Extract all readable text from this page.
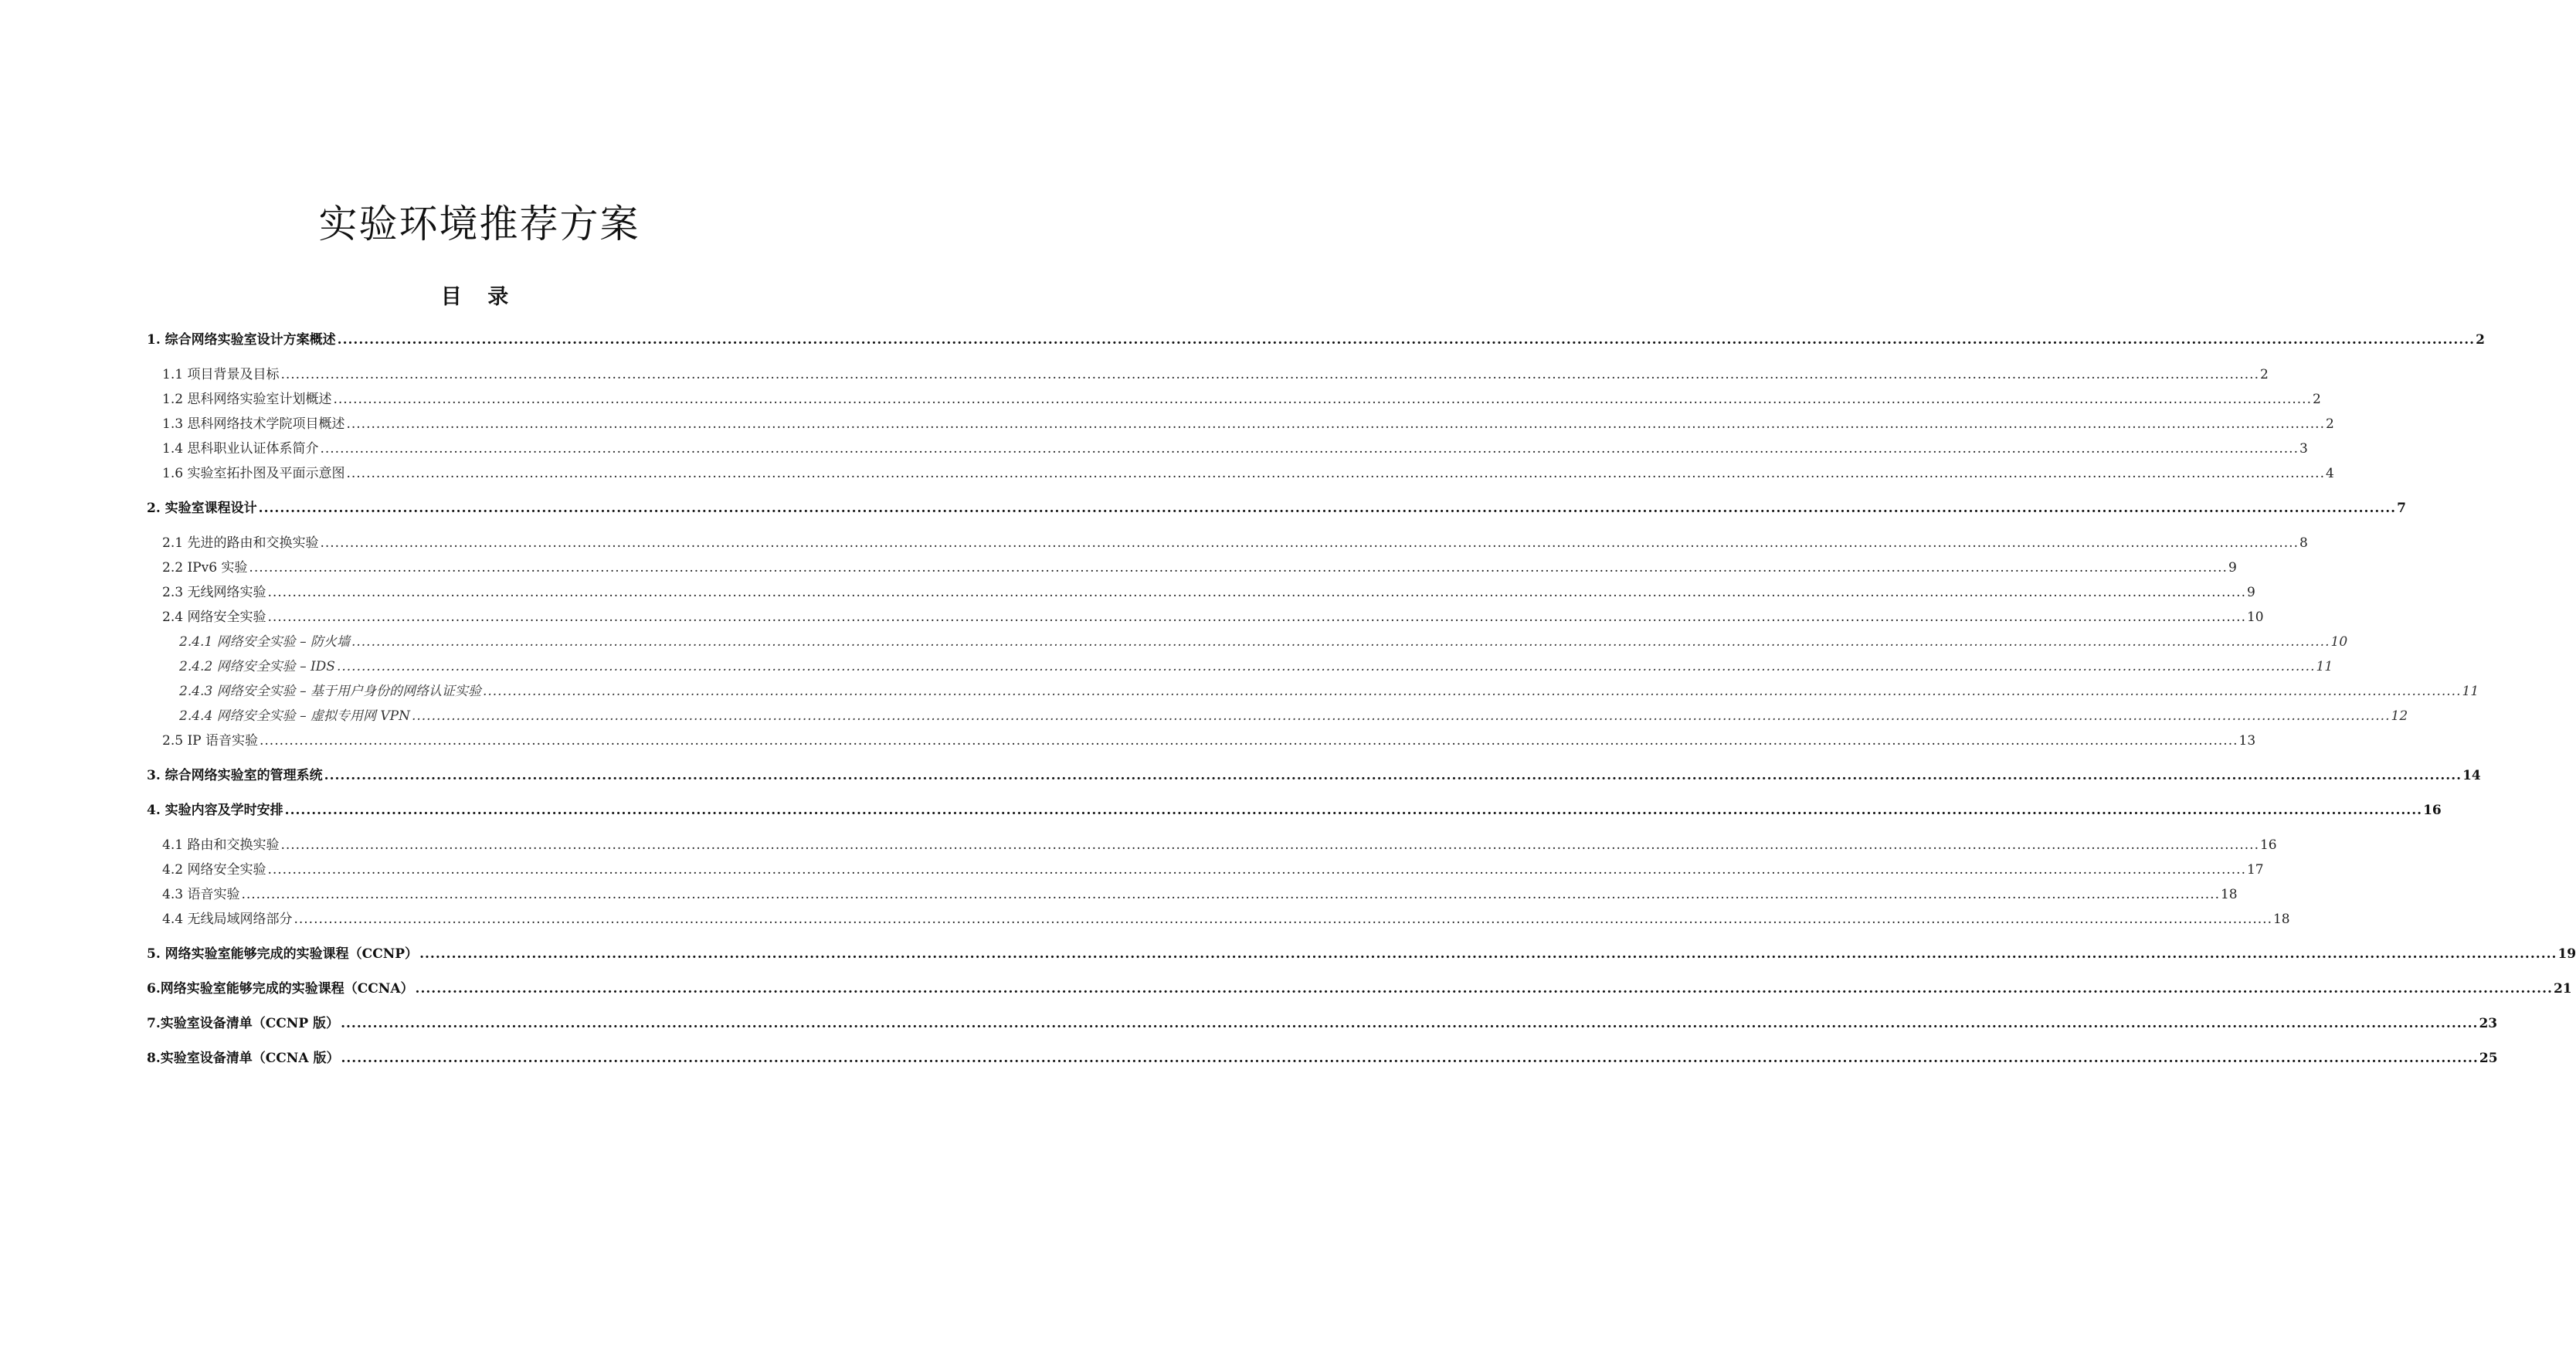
实验环境推荐方案
目 录
1. 综合网络实验室设计方案概述 ................................................................................................................................................................................................................................................................................................................................................................................................................ 2
1.1 项目背景及目标 ................................................................................................................................................................................................................................................................................................................................................................................................................ 2
1.2 思科网络实验室计划概述 ................................................................................................................................................................................................................................................................................................................................................................................................................ 2
1.3 思科网络技术学院项目概述 ................................................................................................................................................................................................................................................................................................................................................................................................................ 2
1.4 思科职业认证体系简介 ................................................................................................................................................................................................................................................................................................................................................................................................................ 3
1.6 实验室拓扑图及平面示意图 ................................................................................................................................................................................................................................................................................................................................................................................................................ 4
2. 实验室课程设计 ................................................................................................................................................................................................................................................................................................................................................................................................................ 7
2.1 先进的路由和交换实验 ................................................................................................................................................................................................................................................................................................................................................................................................................ 8
2.2 IPv6 实验 ................................................................................................................................................................................................................................................................................................................................................................................................................ 9
2.3 无线网络实验 ................................................................................................................................................................................................................................................................................................................................................................................................................ 9
2.4 网络安全实验 ................................................................................................................................................................................................................................................................................................................................................................................................................ 10
2.4.1 网络安全实验 – 防火墙 ................................................................................................................................................................................................................................................................................................................................................................................................................ 10
2.4.2 网络安全实验 – IDS ................................................................................................................................................................................................................................................................................................................................................................................................................ 11
2.4.3 网络安全实验 – 基于用户身份的网络认证实验 ................................................................................................................................................................................................................................................................................................................................................................................................................ 11
2.4.4 网络安全实验 – 虚拟专用网 VPN ................................................................................................................................................................................................................................................................................................................................................................................................................ 12
2.5 IP 语音实验 ................................................................................................................................................................................................................................................................................................................................................................................................................ 13
3. 综合网络实验室的管理系统 ................................................................................................................................................................................................................................................................................................................................................................................................................ 14
4. 实验内容及学时安排 ................................................................................................................................................................................................................................................................................................................................................................................................................ 16
4.1 路由和交换实验 ................................................................................................................................................................................................................................................................................................................................................................................................................ 16
4.2 网络安全实验 ................................................................................................................................................................................................................................................................................................................................................................................................................ 17
4.3 语音实验 ................................................................................................................................................................................................................................................................................................................................................................................................................ 18
4.4 无线局域网络部分 ................................................................................................................................................................................................................................................................................................................................................................................................................ 18
5. 网络实验室能够完成的实验课程（CCNP） ................................................................................................................................................................................................................................................................................................................................................................................................................ 19
6.网络实验室能够完成的实验课程（CCNA） ................................................................................................................................................................................................................................................................................................................................................................................................................ 21
7.实验室设备清单（CCNP 版） ................................................................................................................................................................................................................................................................................................................................................................................................................ 23
8.实验室设备清单（CCNA 版） ................................................................................................................................................................................................................................................................................................................................................................................................................ 25
